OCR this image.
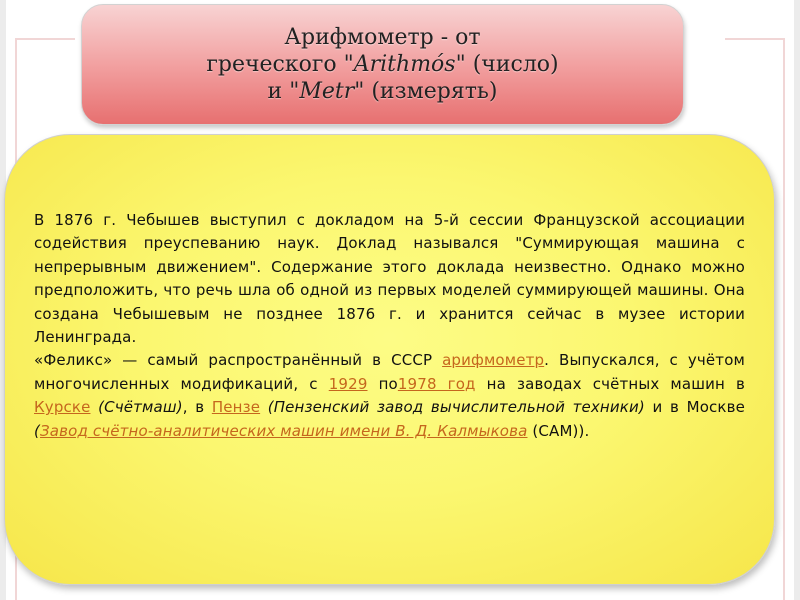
Арифмометр - от
греческого "Arithmós" (число)
и "Metr" (измерять)

В 1876 г. Чебышев выступил с докладом на 5-й сессии Французской ассоциации содействия преуспеванию наук. Доклад назывался "Суммирующая машина с непрерывным движением". Содержание этого доклада неизвестно. Однако можно предположить, что речь шла об одной из первых моделей суммирующей машины. Она создана Чебышевым не позднее 1876 г. и хранится сейчас в музее истории Ленинграда.

«Феликс» — самый распространённый в СССР арифмометр. Выпускался, с учётом многочисленных модификаций, с 1929 по1978 год на заводах счётных машин в Курске (Счётмаш), в Пензе (Пензенский завод вычислительной техники) и в Москве (Завод счётно-аналитических машин имени В. Д. Калмыкова (САМ)).
